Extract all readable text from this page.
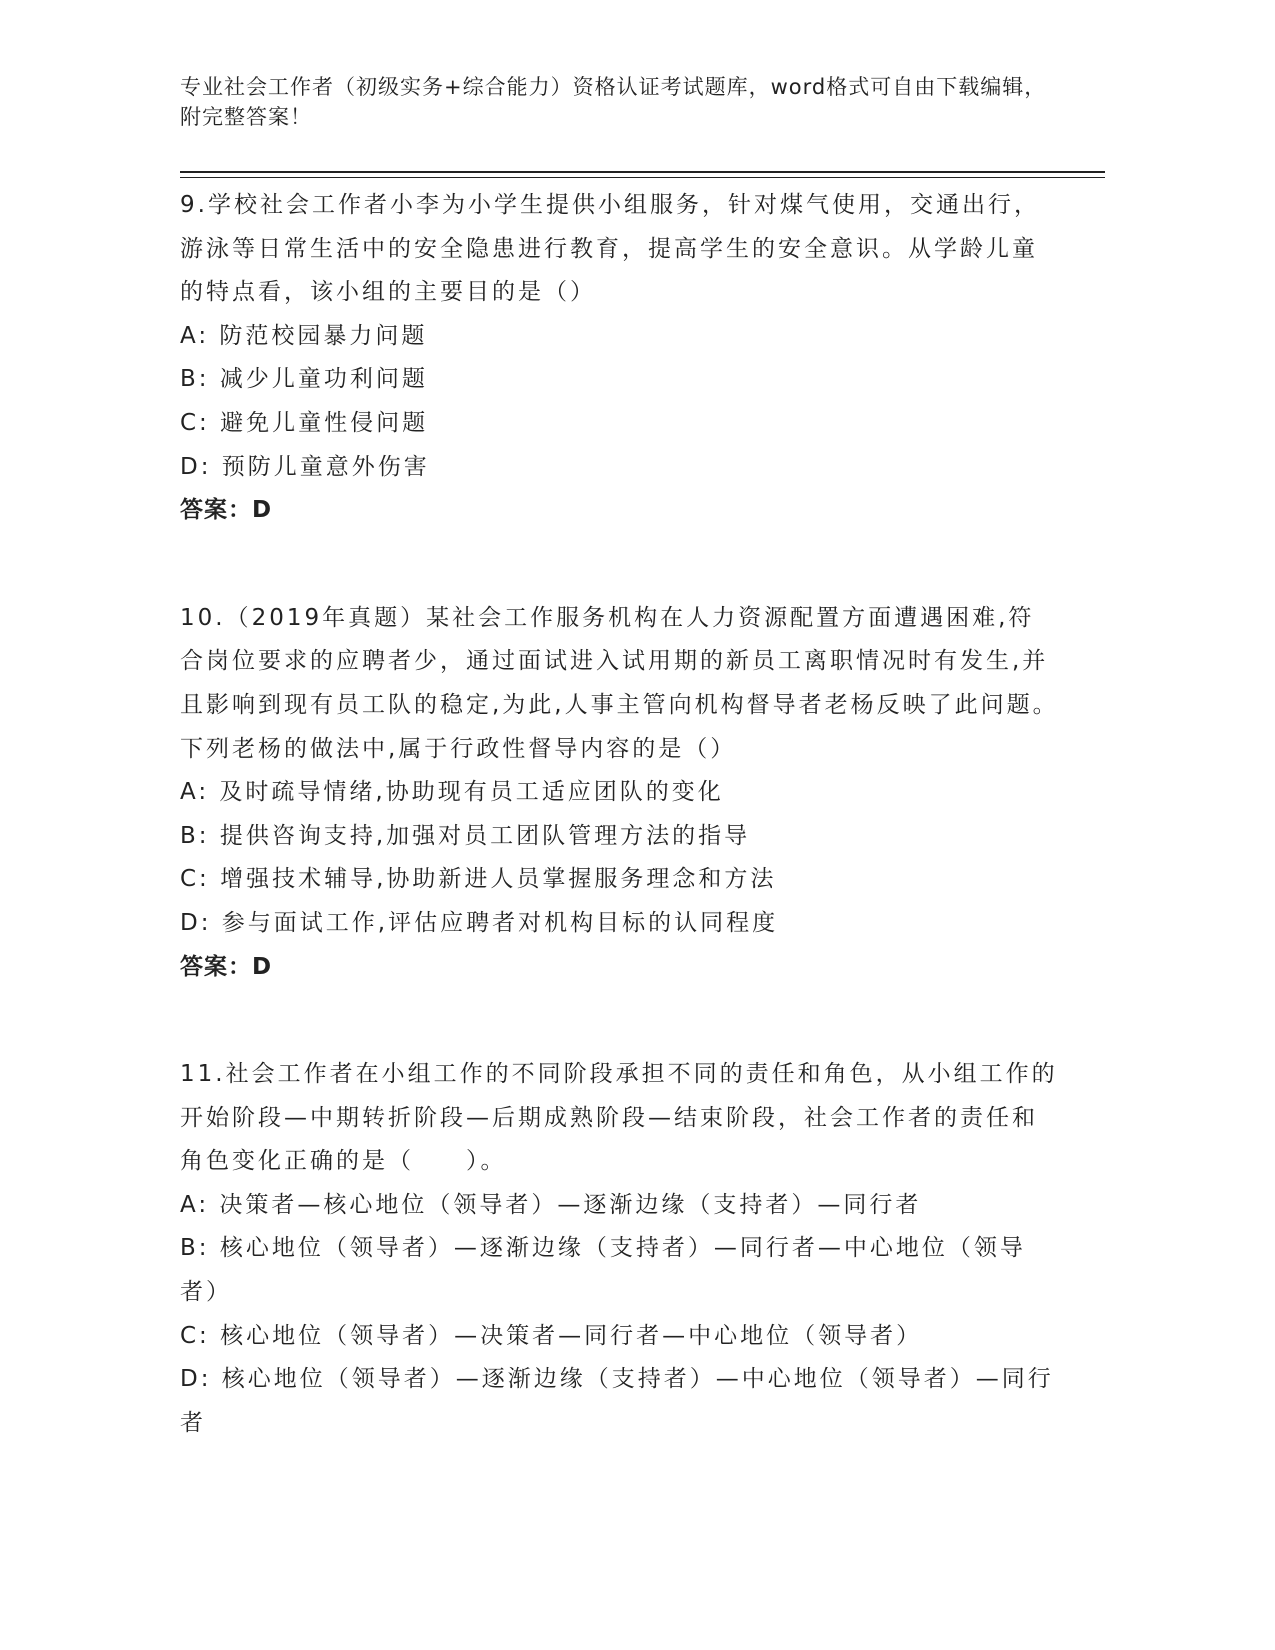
专业社会工作者（初级实务+综合能力）资格认证考试题库，word格式可自由下载编辑，附完整答案！
9.学校社会工作者小李为小学生提供小组服务，针对煤气使用，交通出行，游泳等日常生活中的安全隐患进行教育，提高学生的安全意识。从学龄儿童的特点看，该小组的主要目的是（）
A: 防范校园暴力问题
B: 减少儿童功利问题
C: 避免儿童性侵问题
D: 预防儿童意外伤害
答案：D
10.（2019年真题）某社会工作服务机构在人力资源配置方面遭遇困难,符合岗位要求的应聘者少，通过面试进入试用期的新员工离职情况时有发生,并且影响到现有员工队的稳定,为此,人事主管向机构督导者老杨反映了此问题。下列老杨的做法中,属于行政性督导内容的是（）
A: 及时疏导情绪,协助现有员工适应团队的变化
B: 提供咨询支持,加强对员工团队管理方法的指导
C: 增强技术辅导,协助新进人员掌握服务理念和方法
D: 参与面试工作,评估应聘者对机构目标的认同程度
答案：D
11.社会工作者在小组工作的不同阶段承担不同的责任和角色，从小组工作的开始阶段—中期转折阶段—后期成熟阶段—结束阶段，社会工作者的责任和角色变化正确的是（　　）。
A: 决策者—核心地位（领导者）—逐渐边缘（支持者）—同行者
B: 核心地位（领导者）—逐渐边缘（支持者）—同行者—中心地位（领导者）
C: 核心地位（领导者）—决策者—同行者—中心地位（领导者）
D: 核心地位（领导者）—逐渐边缘（支持者）—中心地位（领导者）—同行者
